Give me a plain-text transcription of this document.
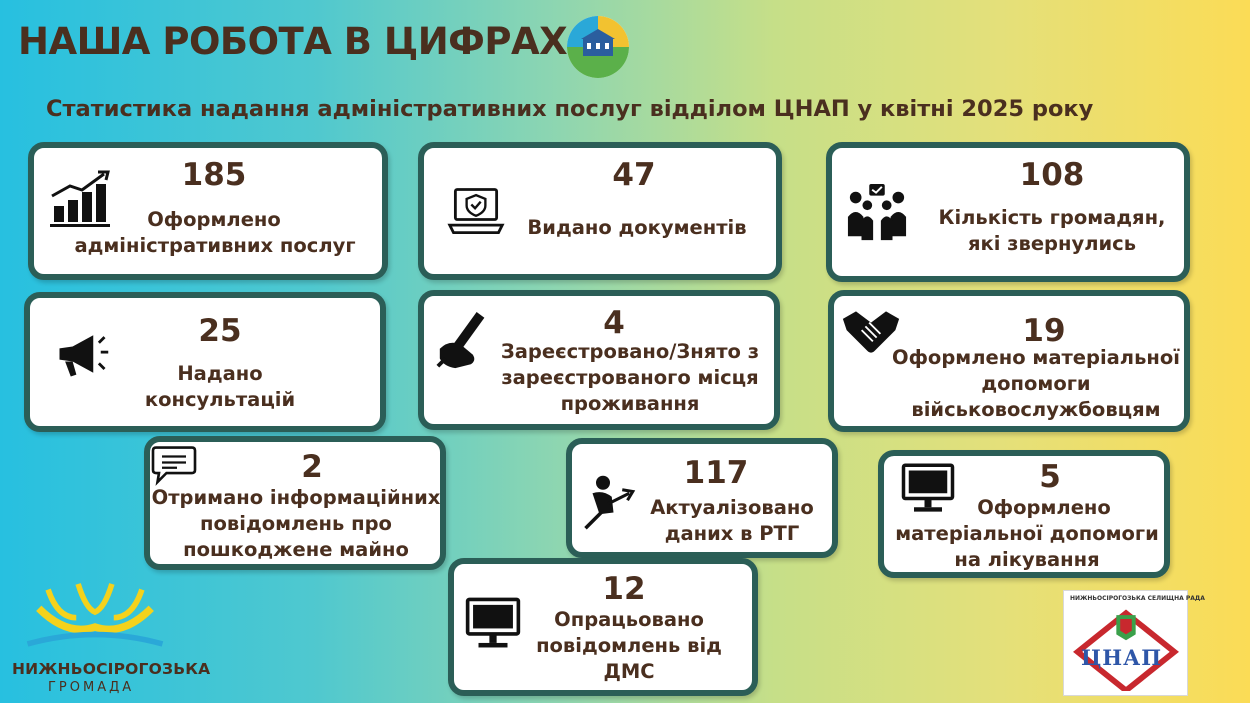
НАША РОБОТА В ЦИФРАХ
Статистика надання адміністративних послуг відділом ЦНАП у квітні 2025 року
185
Оформлено
адміністративних послуг
47
Видано документів
108
Кількість громадян,
які звернулись
25
Надано
консультацій
4
Зареєстровано/Знято з
зареєстрованого місця
проживання
19
Оформлено матеріальної
допомоги
військовослужбовцям
2
Отримано інформаційних
повідомлень про
пошкоджене майно
117
Актуалізовано
даних в РТГ
5
Оформлено
матеріальної допомоги
на лікування
12
Опрацьовано
повідомлень від
ДМС
НИЖНЬОСІРОГОЗЬКА
ГРОМАДА
НИЖНЬОСІРОГОЗЬКА СЕЛИЩНА РАДА
ЦНАП
